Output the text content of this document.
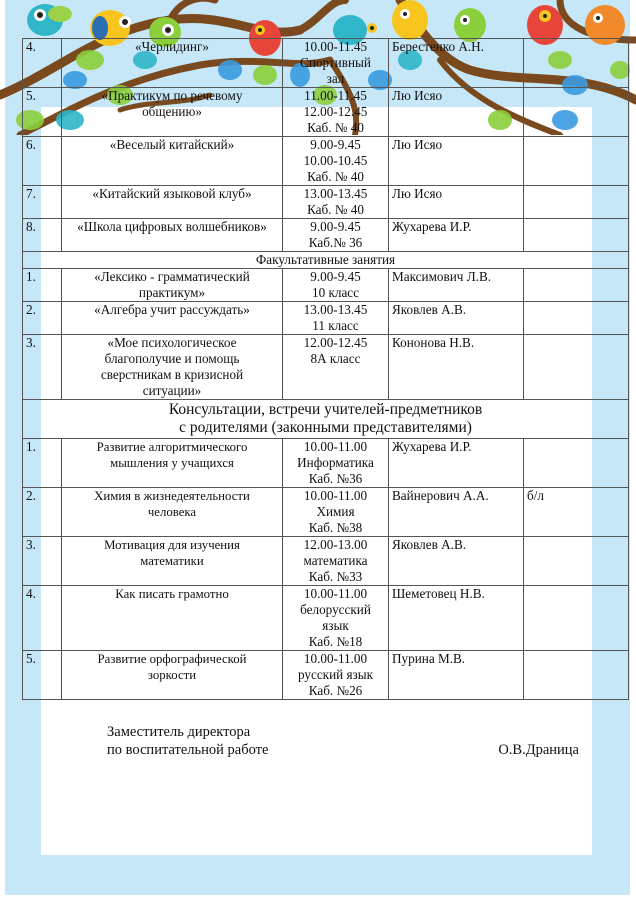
4.	«Черлидинг»	10.00-11.45
Спортивный
зал	Берестенко А.Н.	
5.	«Практикум по речевому
общению»	11.00-11.45
12.00-12.45
Каб. № 40	Лю Исяо	
6.	«Веселый китайский»	9.00-9.45
10.00-10.45
Каб. № 40	Лю Исяо	
7.	«Китайский языковой клуб»	13.00-13.45
Каб. № 40	Лю Исяо	
8.	«Школа цифровых волшебников»	9.00-9.45
Каб.№ 36	Жухарева И.Р.	
Факультативные занятия				
1.	«Лексико - грамматический
практикум»	9.00-9.45
10 класс	Максимович Л.В.	
2.	«Алгебра учит рассуждать»	13.00-13.45
11 класс	Яковлев А.В.	
3.	«Мое психологическое
благополучие и помощь
сверстникам в кризисной
ситуации»	12.00-12.45
8А класс	Кононова Н.В.	

Консультации, встречи учителей-предметников
с родителями (законными представителями)				

1.	Развитие алгоритмического
мышления у учащихся	10.00-11.00
Информатика
Каб. №36	Жухарева И.Р.	
2.	Химия в жизнедеятельности
человека	10.00-11.00
Химия
Каб. №38	Вайнерович А.А.	б/л
3.	Мотивация для изучения
математики	12.00-13.00
математика
Каб. №33	Яковлев А.В.	
4.	Как писать грамотно	10.00-11.00
белорусский
язык
Каб. №18	Шеметовец Н.В.	
5.	Развитие орфографической
зоркости	10.00-11.00
русский язык
Каб. №26	Пурина М.В.	
Заместитель директора
по воспитательной работе	О.В.Драница
